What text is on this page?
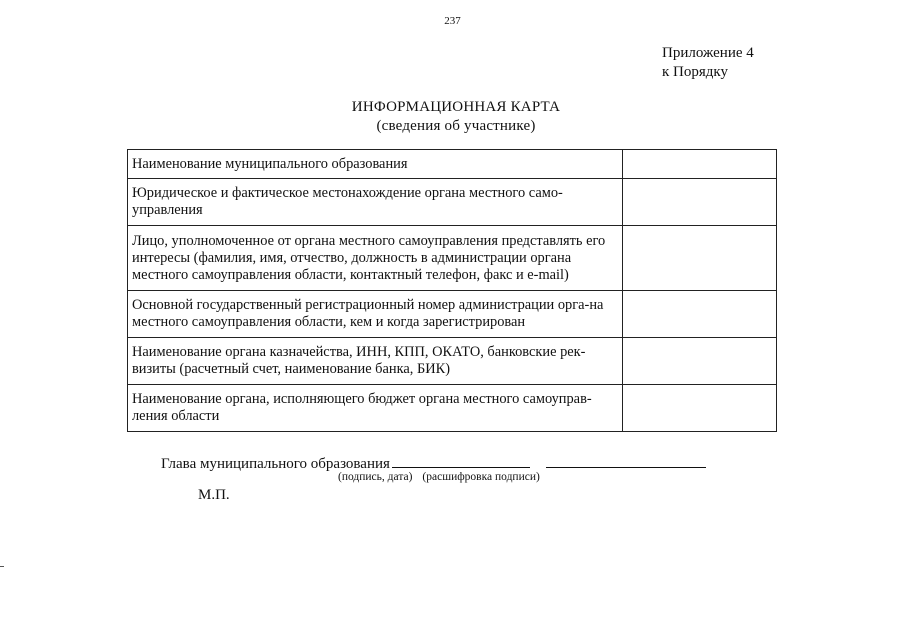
237
Приложение 4
к Порядку
ИНФОРМАЦИОННАЯ КАРТА
(сведения об участнике)
Наименование муниципального образования	
Юридическое и фактическое местонахождение органа местного само-управления	
Лицо, уполномоченное от органа местного самоуправления представлять его интересы (фамилия, имя, отчество, должность в администрации органа местного самоуправления области, контактный телефон, факс и e-mail)	
Основной государственный регистрационный номер администрации орга-на местного самоуправления области, кем и когда зарегистрирован	
Наименование органа казначейства, ИНН, КПП, ОКАТО, банковские рек-визиты (расчетный счет, наименование банка, БИК)	
Наименование органа, исполняющего бюджет органа местного самоуправ-ления области	
Глава муниципального образования
(подпись, дата) (расшифровка подписи)
М.П.
